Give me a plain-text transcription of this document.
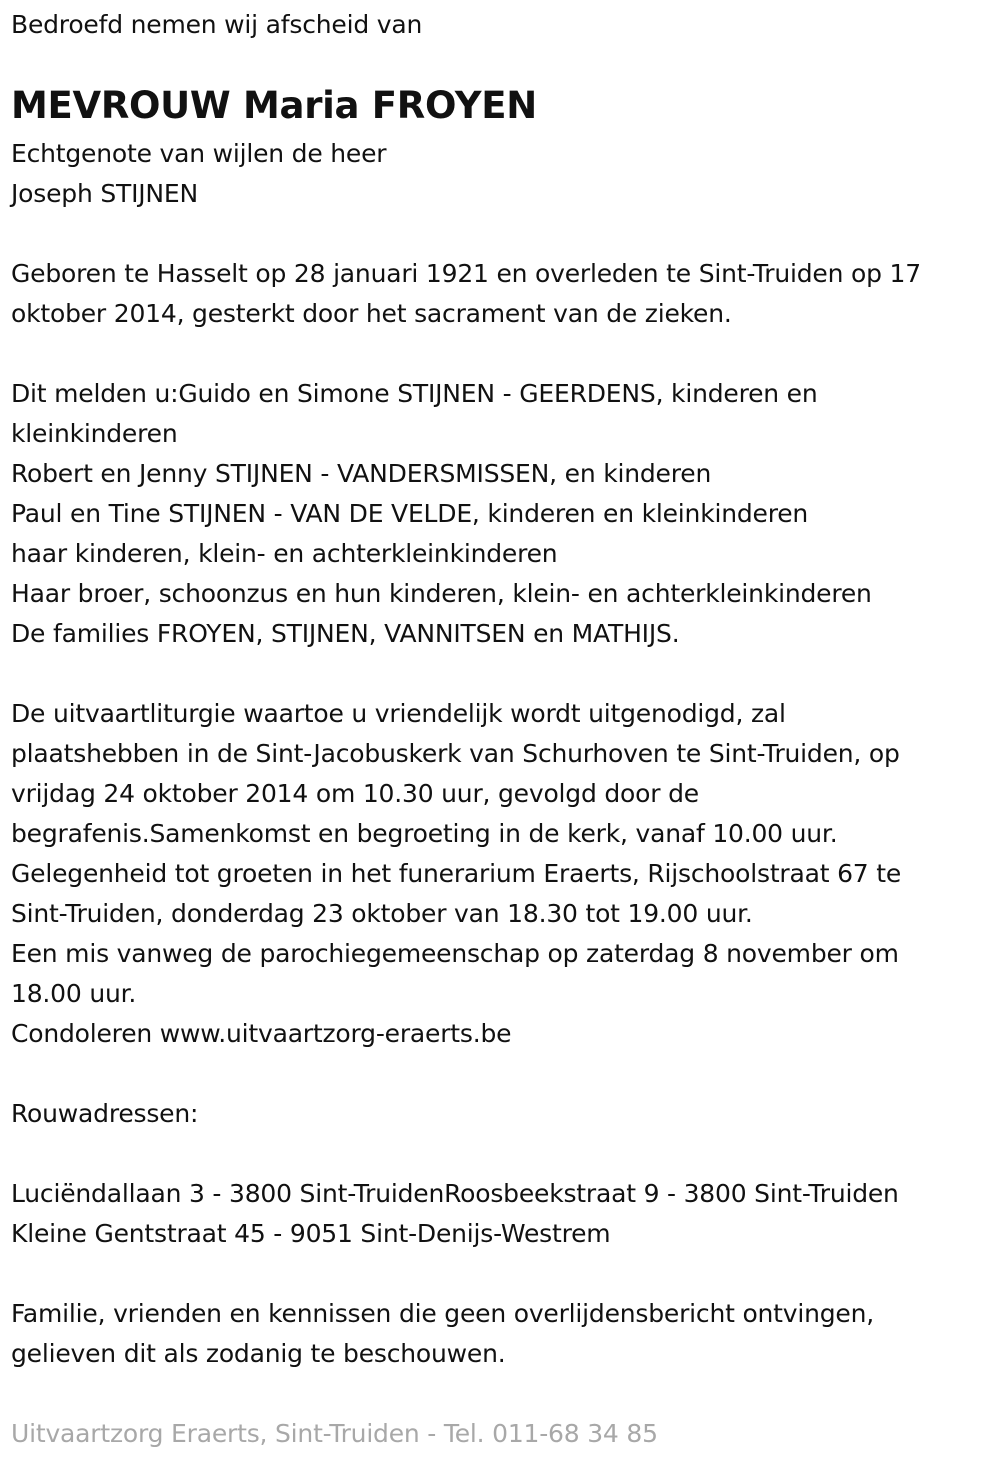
Bedroefd nemen wij afscheid van

MEVROUW Maria FROYEN

Echtgenote van wijlen de heer

Joseph STIJNEN

Geboren te Hasselt op 28 januari 1921 en overleden te Sint-Truiden op 17

oktober 2014, gesterkt door het sacrament van de zieken.

Dit melden u:Guido en Simone STIJNEN - GEERDENS, kinderen en

kleinkinderen

Robert en Jenny STIJNEN - VANDERSMISSEN, en kinderen

Paul en Tine STIJNEN - VAN DE VELDE, kinderen en kleinkinderen

haar kinderen, klein- en achterkleinkinderen

Haar broer, schoonzus en hun kinderen, klein- en achterkleinkinderen

De families FROYEN, STIJNEN, VANNITSEN en MATHIJS.

De uitvaartliturgie waartoe u vriendelijk wordt uitgenodigd, zal

plaatshebben in de Sint-Jacobuskerk van Schurhoven te Sint-Truiden, op

vrijdag 24 oktober 2014 om 10.30 uur, gevolgd door de

begrafenis.Samenkomst en begroeting in de kerk, vanaf 10.00 uur.

Gelegenheid tot groeten in het funerarium Eraerts, Rijschoolstraat 67 te

Sint-Truiden, donderdag 23 oktober van 18.30 tot 19.00 uur.

Een mis vanweg de parochiegemeenschap op zaterdag 8 november om

18.00 uur.

Condoleren www.uitvaartzorg-eraerts.be

Rouwadressen:

Luciëndallaan 3 - 3800 Sint-TruidenRoosbeekstraat 9 - 3800 Sint-Truiden

Kleine Gentstraat 45 - 9051 Sint-Denijs-Westrem

Familie, vrienden en kennissen die geen overlijdensbericht ontvingen,

gelieven dit als zodanig te beschouwen.

Uitvaartzorg Eraerts, Sint-Truiden - Tel. 011-68 34 85
